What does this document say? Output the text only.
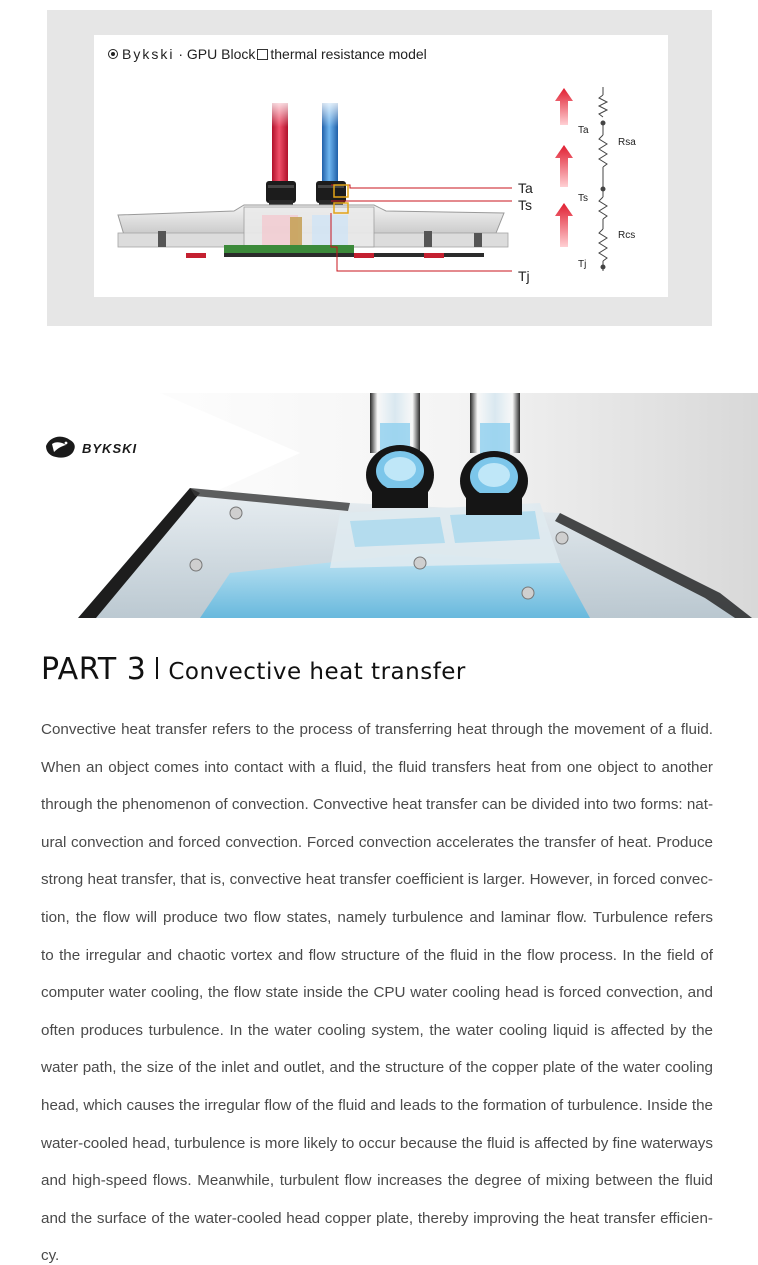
Ta
Ts
Tj
Ta
Ts
Tj
Rsa
Rcs
Bykski · GPU Block thermal resistance model
BYKSKI
PART 3 Convective heat transfer
Convective heat transfer refers to the process of transferring heat through the movement of a fluid.
When an object comes into contact with a fluid, the fluid transfers heat from one object to another
through the phenomenon of convection. Convective heat transfer can be divided into two forms: nat-
ural convection and forced convection. Forced convection accelerates the transfer of heat. Produce
strong heat transfer, that is, convective heat transfer coefficient is larger. However, in forced convec-
tion, the flow will produce two flow states, namely turbulence and laminar flow. Turbulence refers
to the irregular and chaotic vortex and flow structure of the fluid in the flow process. In the field of
computer water cooling, the flow state inside the CPU water cooling head is forced convection, and
often produces turbulence. In the water cooling system, the water cooling liquid is affected by the
water path, the size of the inlet and outlet, and the structure of the copper plate of the water cooling
head, which causes the irregular flow of the fluid and leads to the formation of turbulence. Inside the
water-cooled head, turbulence is more likely to occur because the fluid is affected by fine waterways
and high-speed flows. Meanwhile, turbulent flow increases the degree of mixing between the fluid
and the surface of the water-cooled head copper plate, thereby improving the heat transfer efficien-
cy.
